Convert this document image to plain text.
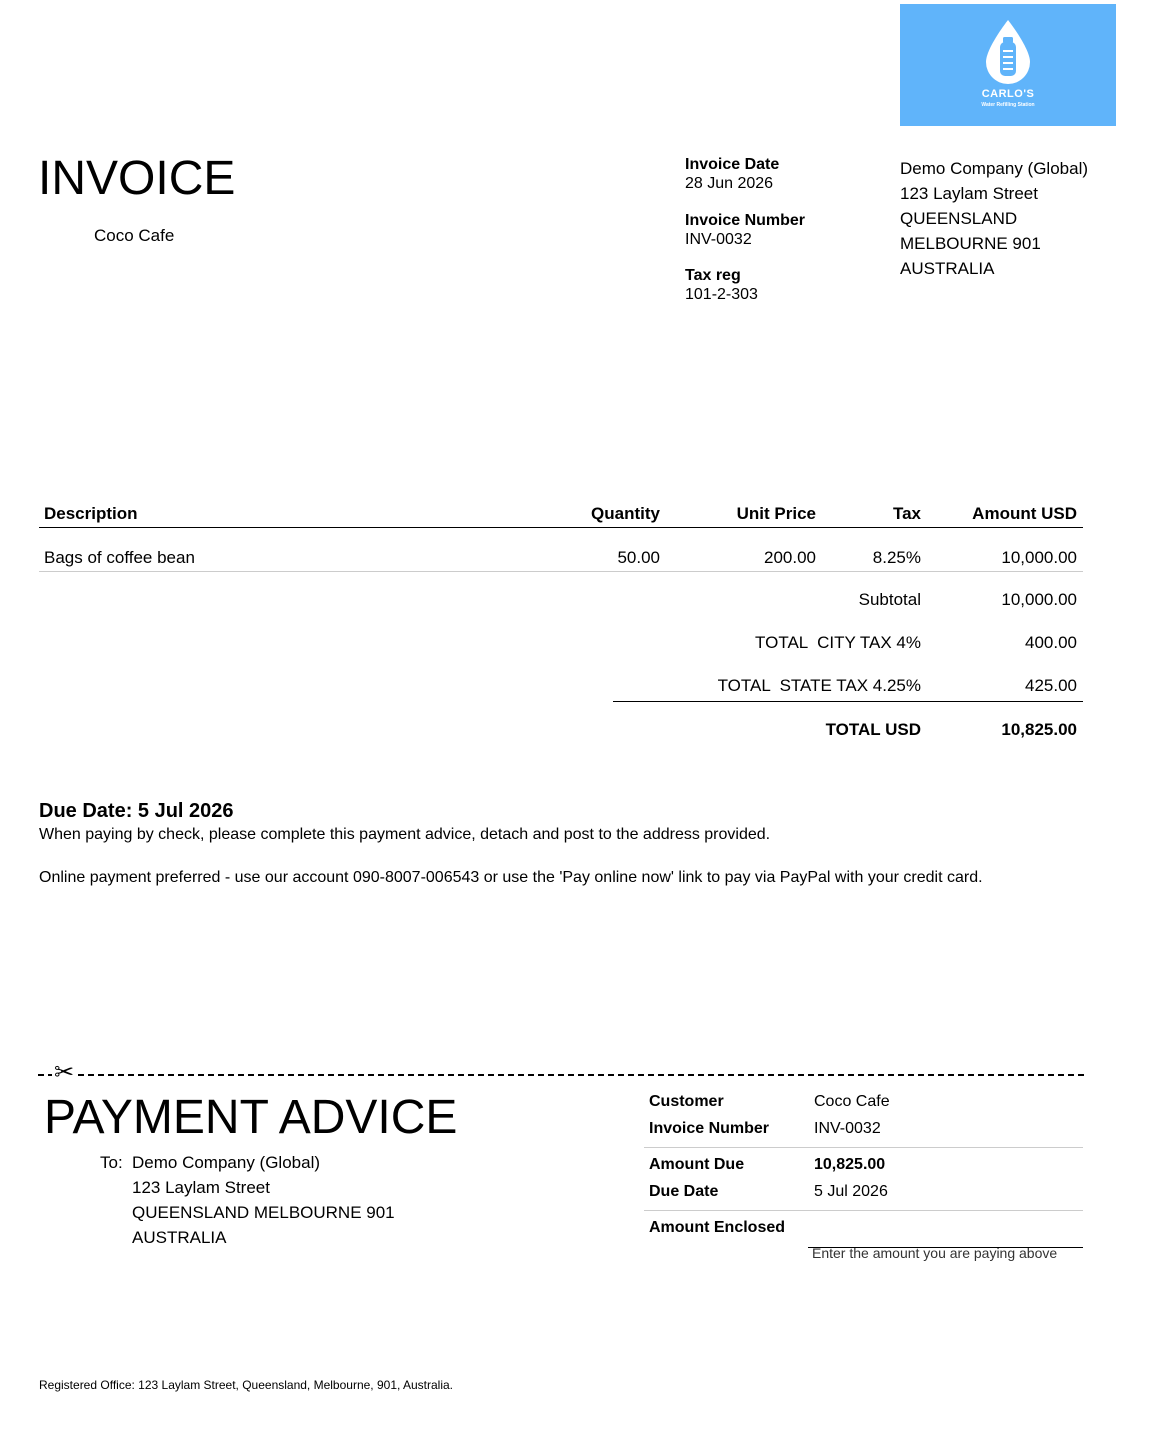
CARLO'S
Water Refilling Station
INVOICE
Coco Cafe
Invoice Date
28 Jun 2026
Invoice Number
INV-0032
Tax reg
101-2-303
Demo Company (Global)
123 Laylam Street
QUEENSLAND
MELBOURNE 901
AUSTRALIA
Description	Quantity	Unit Price	Tax	Amount USD
Bags of coffee bean	50.00	200.00	8.25%	10,000.00
Subtotal	10,000.00
TOTAL  CITY TAX 4%	400.00
TOTAL  STATE TAX 4.25%	425.00
TOTAL USD	10,825.00
Due Date: 5 Jul 2026
When paying by check, please complete this payment advice, detach and post to the address provided.
Online payment preferred - use our account 090-8007-006543 or use the 'Pay online now' link to pay via PayPal with your credit card.
✂
PAYMENT ADVICE
To: Demo Company (Global)
123 Laylam Street
QUEENSLAND MELBOURNE 901
AUSTRALIA
Customer	Coco Cafe
Invoice Number	INV-0032
Amount Due	10,825.00
Due Date	5 Jul 2026
Amount Enclosed
Enter the amount you are paying above
Registered Office: 123 Laylam Street, Queensland, Melbourne, 901, Australia.
